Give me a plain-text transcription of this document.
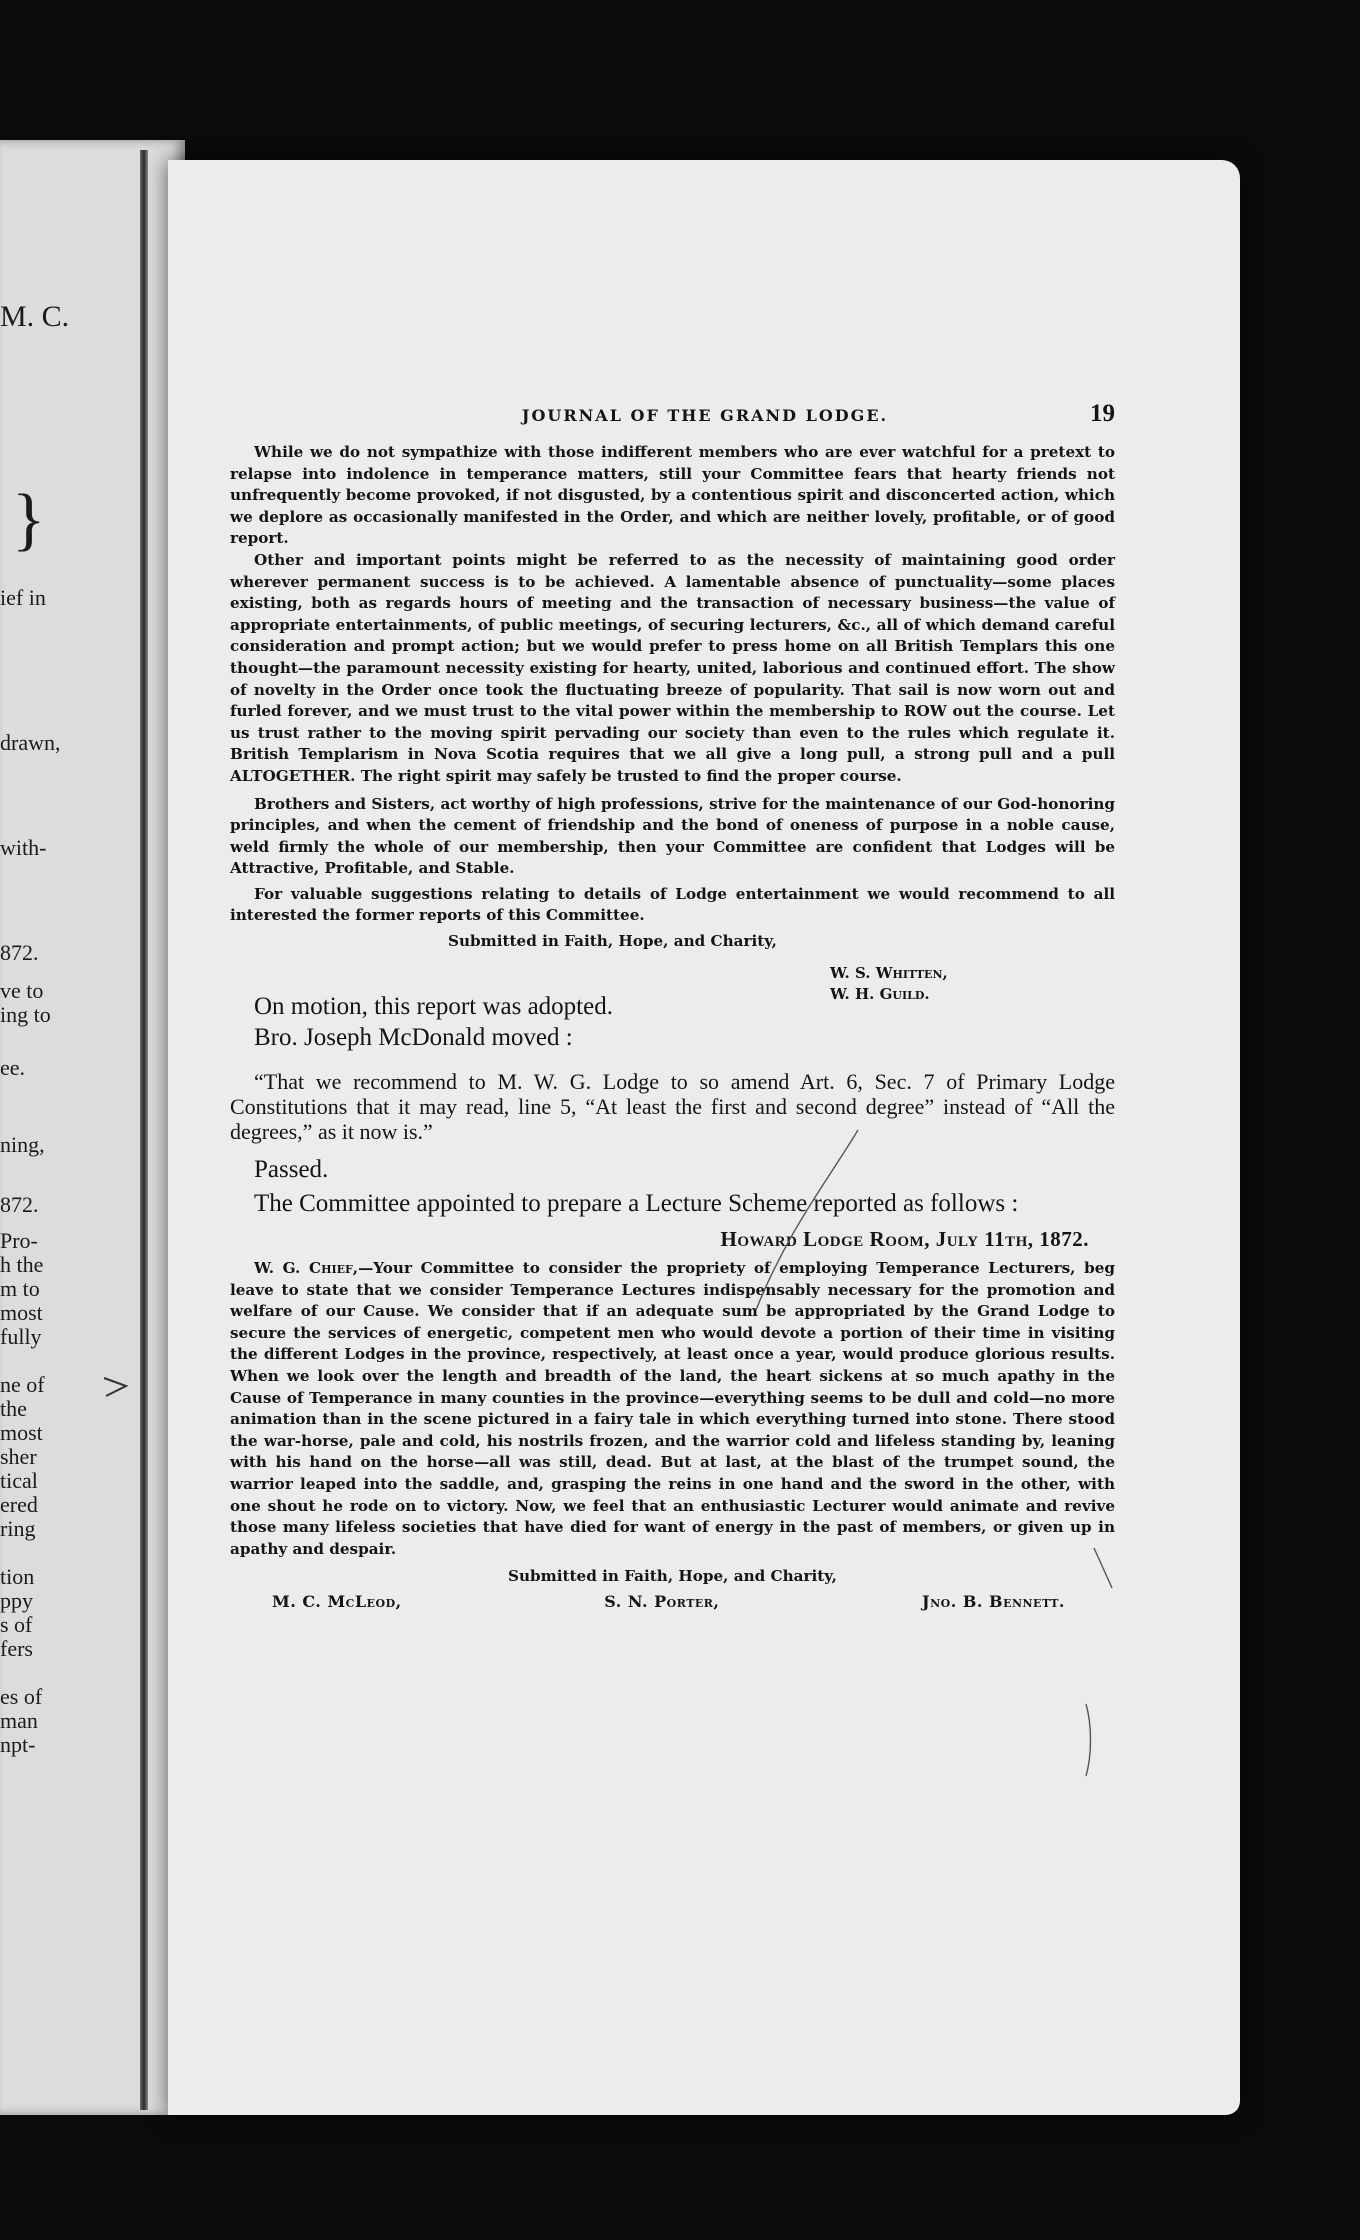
M. C.
}
ief in
drawn,
with-
872.
ve to
ing to
ee.
ning,
872.
Pro-
h the
m to
most
fully
ne of
the
most
sher
tical
ered
ring
tion
ppy
s of
fers
es of
man
npt-
JOURNAL OF THE GRAND LODGE.	19

While we do not sympathize with those indifferent members who are ever watchful for a pretext to relapse into indolence in temperance matters, still your Committee fears that hearty friends not unfrequently become provoked, if not disgusted, by a contentious spirit and disconcerted action, which we deplore as occasionally manifested in the Order, and which are neither lovely, profitable, or of good report.

Other and important points might be referred to as the necessity of maintaining good order wherever permanent success is to be achieved. A lamentable absence of punctuality—some places existing, both as regards hours of meeting and the transaction of necessary business—the value of appropriate entertainments, of public meetings, of securing lecturers, &c., all of which demand careful consideration and prompt action; but we would prefer to press home on all British Templars this one thought—the paramount necessity existing for hearty, united, laborious and continued effort. The show of novelty in the Order once took the fluctuating breeze of popularity. That sail is now worn out and furled forever, and we must trust to the vital power within the membership to ROW out the course. Let us trust rather to the moving spirit pervading our society than even to the rules which regulate it. British Templarism in Nova Scotia requires that we all give a long pull, a strong pull and a pull ALTOGETHER. The right spirit may safely be trusted to find the proper course.

Brothers and Sisters, act worthy of high professions, strive for the maintenance of our God-honoring principles, and when the cement of friendship and the bond of oneness of purpose in a noble cause, weld firmly the whole of our membership, then your Committee are confident that Lodges will be Attractive, Profitable, and Stable.

For valuable suggestions relating to details of Lodge entertainment we would recommend to all interested the former reports of this Committee.

Submitted in Faith, Hope, and Charity,

W. S. Whitten,

W. H. Guild.

On motion, this report was adopted.

Bro. Joseph McDonald moved :

“That we recommend to M. W. G. Lodge to so amend Art. 6, Sec. 7 of Primary Lodge Constitutions that it may read, line 5, “At least the first and second degree” instead of “All the degrees,” as it now is.”

Passed.

The Committee appointed to prepare a Lecture Scheme reported as follows :

Howard Lodge Room, July 11th, 1872.

W. G. Chief,—Your Committee to consider the propriety of employing Temperance Lecturers, beg leave to state that we consider Temperance Lectures indispensably necessary for the promotion and welfare of our Cause. We consider that if an adequate sum be appropriated by the Grand Lodge to secure the services of energetic, competent men who would devote a portion of their time in visiting the different Lodges in the province, respectively, at least once a year, would produce glorious results. When we look over the length and breadth of the land, the heart sickens at so much apathy in the Cause of Temperance in many counties in the province—everything seems to be dull and cold—no more animation than in the scene pictured in a fairy tale in which everything turned into stone. There stood the war-horse, pale and cold, his nostrils frozen, and the warrior cold and lifeless standing by, leaning with his hand on the horse—all was still, dead. But at last, at the blast of the trumpet sound, the warrior leaped into the saddle, and, grasping the reins in one hand and the sword in the other, with one shout he rode on to victory. Now, we feel that an enthusiastic Lecturer would animate and revive those many lifeless societies that have died for want of energy in the past of members, or given up in apathy and despair.

Submitted in Faith, Hope, and Charity,

M. C. McLeod,	S. N. Porter,	Jno. B. Bennett.
